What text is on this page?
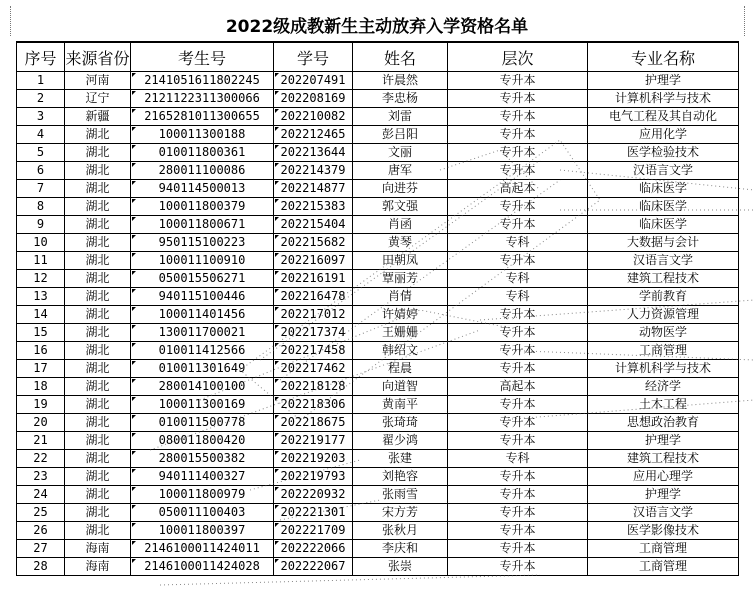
2022级成教新生主动放弃入学资格名单
序号	来源省份	考生号	学号	姓名	层次	专业名称
1	河南	2141051611802245	202207491	许晨然	专升本	护理学
2	辽宁	2121122311300066	202208169	李忠杨	专升本	计算机科学与技术
3	新疆	2165281011300655	202210082	刘雷	专升本	电气工程及其自动化
4	湖北	100011300188	202212465	彭吕阳	专升本	应用化学
5	湖北	010011800361	202213644	文丽	专升本	医学检验技术
6	湖北	280011100086	202214379	唐军	专升本	汉语言文学
7	湖北	940114500013	202214877	向进芬	高起本	临床医学
8	湖北	100011800379	202215383	郭文强	专升本	临床医学
9	湖北	100011800671	202215404	肖函	专升本	临床医学
10	湖北	950115100223	202215682	黄琴	专科	大数据与会计
11	湖北	100011100910	202216097	田朝凤	专升本	汉语言文学
12	湖北	050015506271	202216191	覃丽芳	专科	建筑工程技术
13	湖北	940115100446	202216478	肖倩	专科	学前教育
14	湖北	100011401456	202217012	许婧婷	专升本	人力资源管理
15	湖北	130011700021	202217374	王姗姗	专升本	动物医学
16	湖北	010011412566	202217458	韩绍文	专升本	工商管理
17	湖北	010011301649	202217462	程晨	专升本	计算机科学与技术
18	湖北	280014100100	202218128	向道智	高起本	经济学
19	湖北	100011300169	202218306	黄南平	专升本	土木工程
20	湖北	010011500778	202218675	张琦琦	专升本	思想政治教育
21	湖北	080011800420	202219177	翟少鸿	专升本	护理学
22	湖北	280015500382	202219203	张建	专科	建筑工程技术
23	湖北	940111400327	202219793	刘艳容	专升本	应用心理学
24	湖北	100011800979	202220932	张雨雪	专升本	护理学
25	湖北	050011100403	202221301	宋方芳	专升本	汉语言文学
26	湖北	100011800397	202221709	张秋月	专升本	医学影像技术
27	海南	2146100011424011	202222066	李庆和	专升本	工商管理
28	海南	2146100011424028	202222067	张崇	专升本	工商管理
